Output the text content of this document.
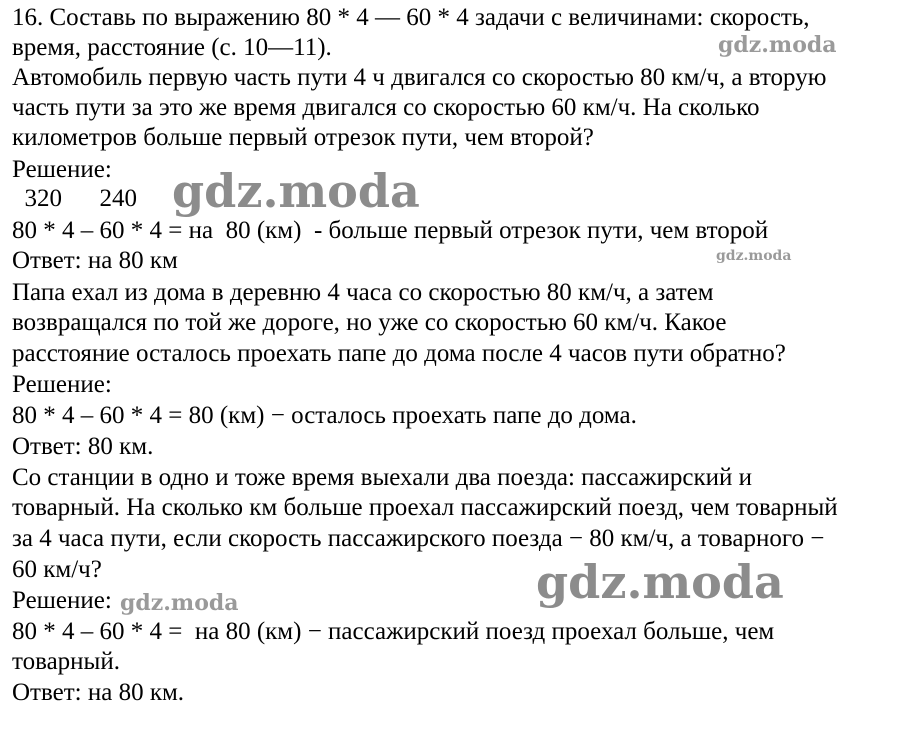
16. Составь по выражению 80 * 4 — 60 * 4 задачи с величинами: скорость,
время, расстояние (с. 10—11).
Автомобиль первую часть пути 4 ч двигался со скоростью 80 км/ч, а вторую
часть пути за это же время двигался со скоростью 60 км/ч. На сколько
километров больше первый отрезок пути, чем второй?
Решение:
320      240
80 * 4 – 60 * 4 = на  80 (км)  - больше первый отрезок пути, чем второй
Ответ: на 80 км
Папа ехал из дома в деревню 4 часа со скоростью 80 км/ч, а затем
возвращался по той же дороге, но уже со скоростью 60 км/ч. Какое
расстояние осталось проехать папе до дома после 4 часов пути обратно?
Решение:
80 * 4 – 60 * 4 = 80 (км) − осталось проехать папе до дома.
Ответ: 80 км.
Со станции в одно и тоже время выехали два поезда: пассажирский и
товарный. На сколько км больше проехал пассажирский поезд, чем товарный
за 4 часа пути, если скорость пассажирского поезда − 80 км/ч, а товарного −
60 км/ч?
Решение:
80 * 4 – 60 * 4 =  на 80 (км) − пассажирский поезд проехал больше, чем
товарный.
Ответ: на 80 км.
gdz.moda
gdz.moda
gdz.moda
gdz.moda
gdz.moda
